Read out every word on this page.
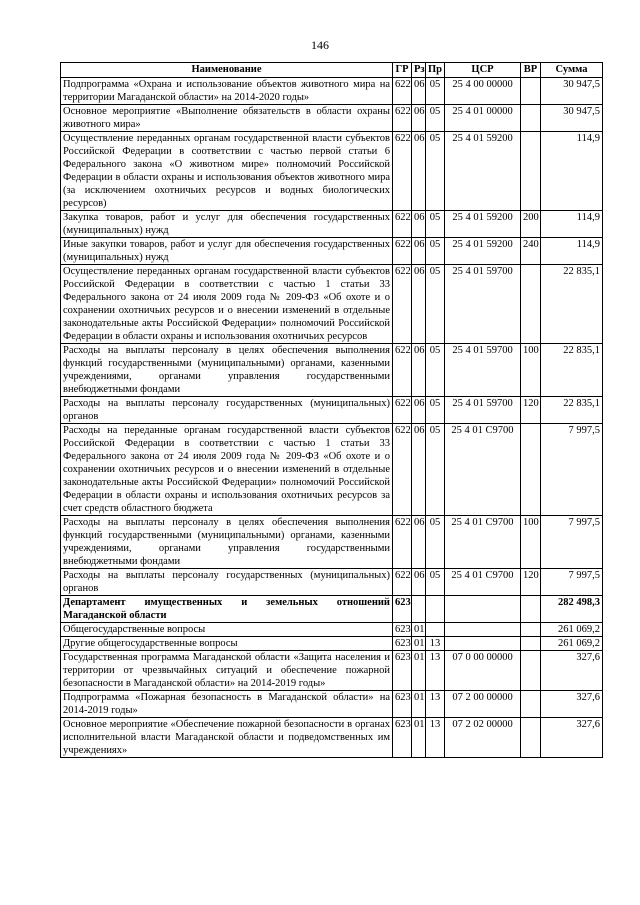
146
Наименование	ГР	Рз	Пр	ЦСР	ВР	Сумма
Подпрограмма «Охрана и использование объектов животного мира на территории Магаданской области» на 2014-2020 годы»	622	06	05	25 4 00 00000		30 947,5
Основное мероприятие «Выполнение обязательств в области охраны животного мира»	622	06	05	25 4 01 00000		30 947,5
Осуществление переданных органам государственной власти субъектов Российской Федерации в соответствии с частью первой статьи 6 Федерального закона «О животном мире» полномочий Российской Федерации в области охраны и использования объектов животного мира (за исключением охотничьих ресурсов и водных биологических ресурсов)	622	06	05	25 4 01 59200		114,9
Закупка товаров, работ и услуг для обеспечения государственных (муниципальных) нужд	622	06	05	25 4 01 59200	200	114,9
Иные закупки товаров, работ и услуг для обеспечения государственных (муниципальных) нужд	622	06	05	25 4 01 59200	240	114,9
Осуществление переданных органам государственной власти субъектов Российской Федерации в соответствии с частью 1 статьи 33 Федерального закона от 24 июля 2009 года № 209-ФЗ «Об охоте и о сохранении охотничьих ресурсов и о внесении изменений в отдельные законодательные акты Российской Федерации» полномочий Российской Федерации в области охраны и использования охотничьих ресурсов	622	06	05	25 4 01 59700		22 835,1
Расходы на выплаты персоналу в целях обеспечения выполнения функций государственными (муниципальными) органами, казенными учреждениями, органами управления государственными внебюджетными фондами	622	06	05	25 4 01 59700	100	22 835,1
Расходы на выплаты персоналу государственных (муниципальных) органов	622	06	05	25 4 01 59700	120	22 835,1
Расходы на переданные органам государственной власти субъектов Российской Федерации в соответствии с частью 1 статьи 33 Федерального закона от 24 июля 2009 года № 209-ФЗ «Об охоте и о сохранении охотничьих ресурсов и о внесении изменений в отдельные законодательные акты Российской Федерации» полномочий Российской Федерации в области охраны и использования охотничьих ресурсов за счет средств областного бюджета	622	06	05	25 4 01 С9700		7 997,5
Расходы на выплаты персоналу в целях обеспечения выполнения функций государственными (муниципальными) органами, казенными учреждениями, органами управления государственными внебюджетными фондами	622	06	05	25 4 01 С9700	100	7 997,5
Расходы на выплаты персоналу государственных (муниципальных) органов	622	06	05	25 4 01 С9700	120	7 997,5
Департамент имущественных и земельных отношений Магаданской области	623					282 498,3
Общегосударственные вопросы	623	01				261 069,2
Другие общегосударственные вопросы	623	01	13			261 069,2
Государственная программа Магаданской области «Защита населения и территории от чрезвычайных ситуаций и обеспечение пожарной безопасности в Магаданской области» на 2014-2019 годы»	623	01	13	07 0 00 00000		327,6
Подпрограмма «Пожарная безопасность в Магаданской области» на 2014-2019 годы»	623	01	13	07 2 00 00000		327,6
Основное мероприятие «Обеспечение пожарной безопасности в органах исполнительной власти Магаданской области и подведомственных им учреждениях»	623	01	13	07 2 02 00000		327,6
